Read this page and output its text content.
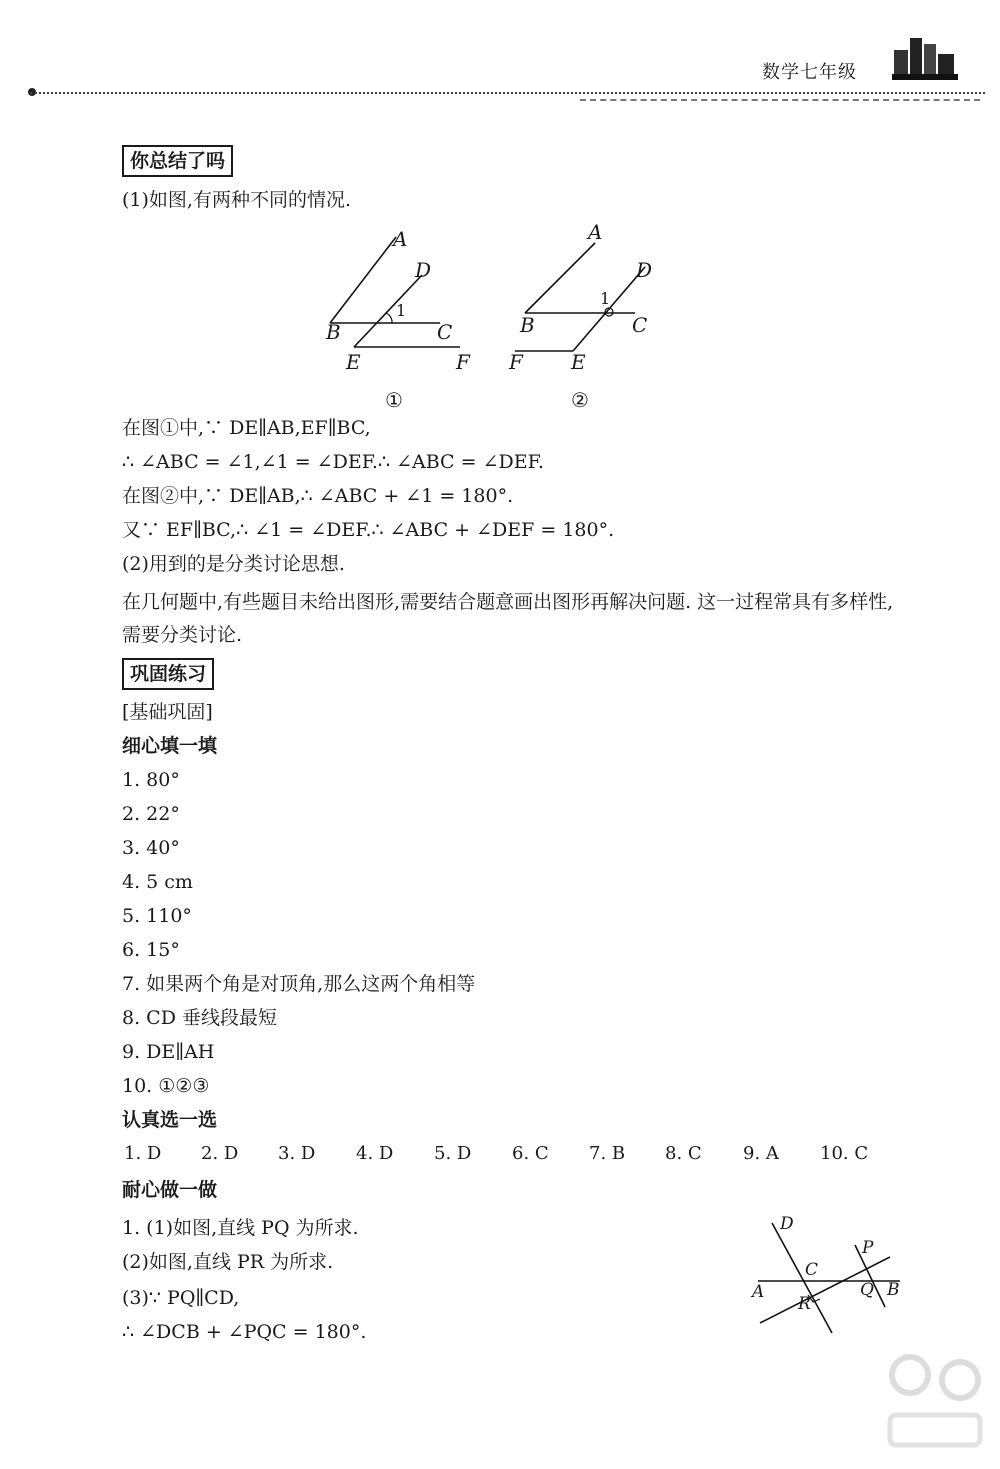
数学七年级
你总结了吗
(1)如图,有两种不同的情况.
A
D
1
B	C
E	F
①
A
D
1
B	C
F E
②
在图①中,∵ DE∥AB,EF∥BC,
∴ ∠ABC = ∠1,∠1 = ∠DEF.∴ ∠ABC = ∠DEF.
在图②中,∵ DE∥AB,∴ ∠ABC + ∠1 = 180°.
又∵ EF∥BC,∴ ∠1 = ∠DEF.∴ ∠ABC + ∠DEF = 180°.
(2)用到的是分类讨论思想.
在几何题中,有些题目未给出图形,需要结合题意画出图形再解决问题. 这一过程常具有多样性,需要分类讨论.
巩固练习
[基础巩固]
细心填一填
1. 80°
2. 22°
3. 40°
4. 5 cm
5. 110°
6. 15°
7. 如果两个角是对顶角,那么这两个角相等
8. CD 垂线段最短
9. DE∥AH
10. ①②③
认真选一选
1. D 2. D 3. D 4. D 5. D 6. C 7. B 8. C 9. A 10. C
耐心做一做
1. (1)如图,直线 PQ 为所求.
(2)如图,直线 PR 为所求.
(3)∵ PQ∥CD,
∴ ∠DCB + ∠PQC = 180°.
D
P
C
A
R
Q B
